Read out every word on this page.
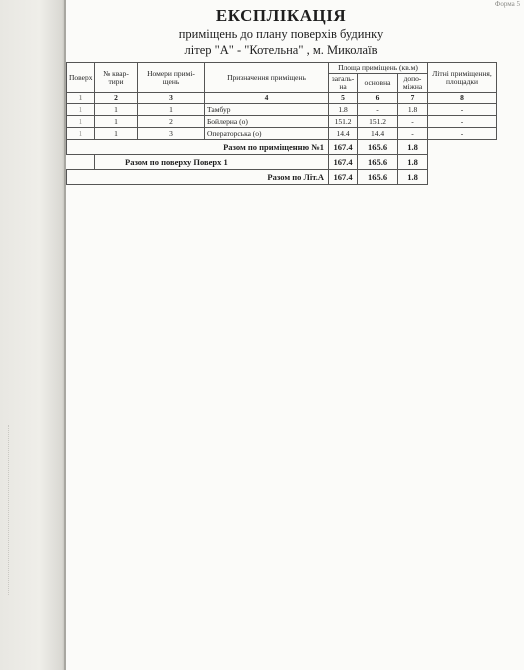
Форма 5
ЕКСПЛІКАЦІЯ
приміщень до плану поверхів будинку
літер "А" - "Котельна" , м. Миколаїв
Поверх	№ квар- тири	Номери примі- щень	Призначення приміщень	Площа приміщень (кв.м)			Літні приміщення, площадки
				загаль- на	основна	допо- міжна	
1	2	3	4	5	6	7	8
1	1	1	Тамбур	1.8	-	1.8	-
1	1	2	Бойлерна (о)	151.2	151.2	-	-
1	1	3	Операторська (о)	14.4	14.4	-	-
Разом по приміщенню №1				167.4	165.6	1.8	
	Разом по поверху Поверх 1			167.4	165.6	1.8	
Разом по Літ.А				167.4	165.6	1.8	
